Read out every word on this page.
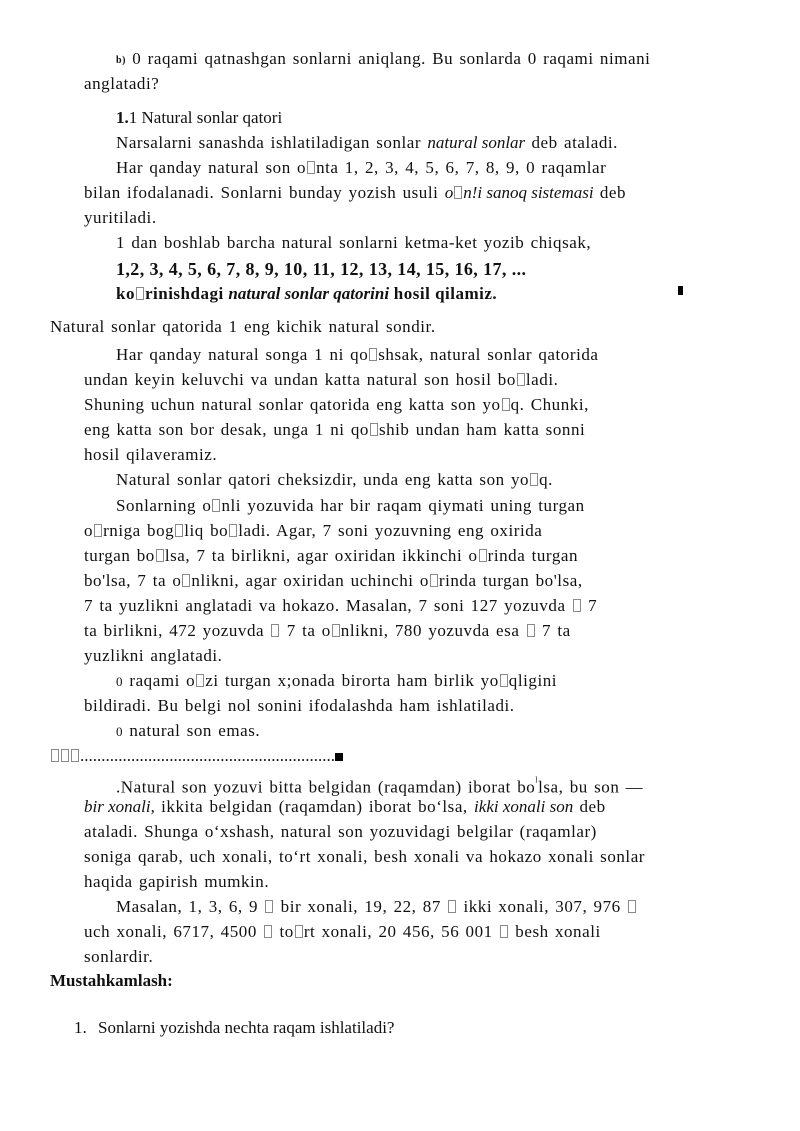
b) 0 raqami qatnashgan sonlarni aniqlang. Bu sonlarda 0 raqami nimani
anglatadi?
1.1 Natural sonlar qatori
Narsalarni sanashda ishlatiladigan sonlar natural sonlar deb ataladi.
Har qanday natural son o nta 1, 2, 3, 4, 5, 6, 7, 8, 9, 0 raqamlar
bilan ifodalanadi. Sonlarni bunday yozish usuli o n!i sanoq sistemasi deb
yuritiladi.
1 dan boshlab barcha natural sonlarni ketma-ket yozib chiqsak,
1,2, 3, 4, 5, 6, 7, 8, 9, 10, 11, 12, 13, 14, 15, 16, 17, ...
ko rinishdagi natural sonlar qatorini hosil qilamiz.
Natural sonlar qatorida 1 eng kichik natural sondir.
Har qanday natural songa 1 ni qo shsak, natural sonlar qatorida
undan keyin keluvchi va undan katta natural son hosil bo ladi.
Shuning uchun natural sonlar qatorida eng katta son yo q. Chunki,
eng katta son bor desak, unga 1 ni qo shib undan ham katta sonni
hosil qilaveramiz.
Natural sonlar qatori cheksizdir, unda eng katta son yo q.
Sonlarning o nli yozuvida har bir raqam qiymati uning turgan
o rniga bog liq bo ladi. Agar, 7 soni yozuvning eng oxirida
turgan bo lsa, 7 ta birlikni, agar oxiridan ikkinchi o rinda turgan
bo'lsa, 7 ta o nlikni, agar oxiridan uchinchi o rinda turgan bo'lsa,
7 ta yuzlikni anglatadi va hokazo. Masalan, 7 soni 127 yozuvda  7
ta birlikni, 472 yozuvda  7 ta o nlikni, 780 yozuvda esa  7 ta
yuzlikni anglatadi.
0 raqami o zi turgan x;onada birorta ham birlik yo qligini
bildiradi. Bu belgi nol sonini ifodalashda ham ishlatiladi.
0 natural son emas.
............................................................
.Natural son yozuvi bitta belgidan (raqamdan) iborat $bo^ˡlsa$, bu son —
bir xonali, ikkita belgidan (raqamdan) iborat bo‘lsa, ikki xonali son deb
ataladi. Shunga o‘xshash, natural son yozuvidagi belgilar (raqamlar)
soniga qarab, uch xonali, to‘rt xonali, besh xonali va hokazo xonali sonlar
haqida gapirish mumkin.
Masalan, 1, 3, 6, 9  bir xonali, 19, 22, 87  ikki xonali, 307, 976
uch xonali, 6717, 4500  to rt xonali, 20 456, 56 001  besh xonali
sonlardir.
Mustahkamlash:
1. Sonlarni yozishda nechta raqam ishlatiladi?
